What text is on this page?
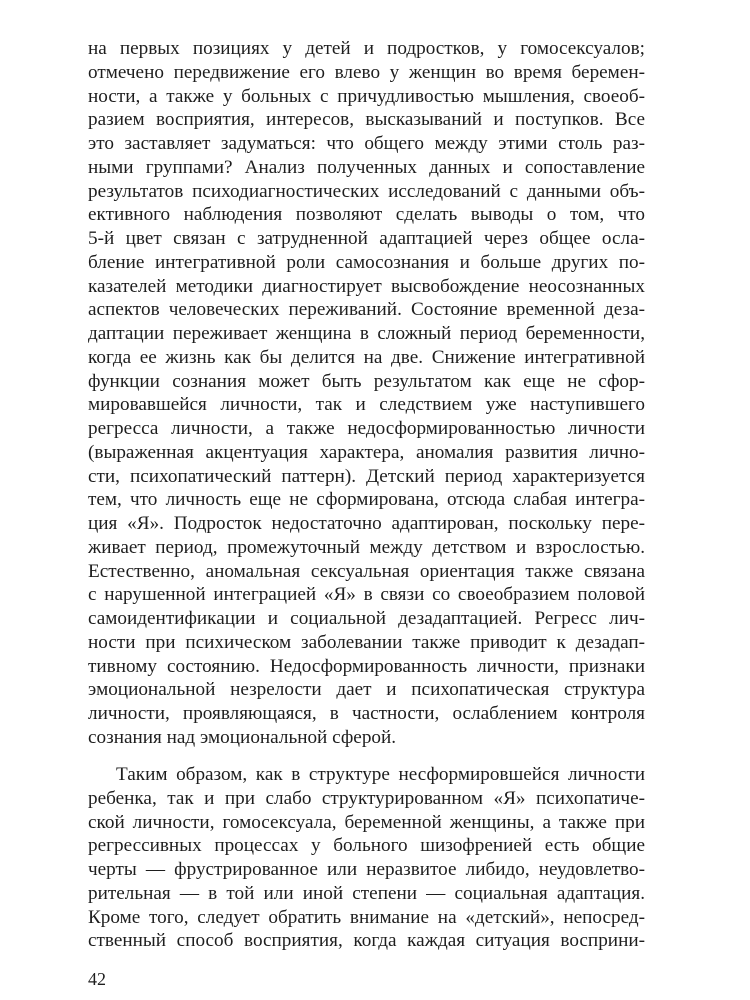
на первых позициях у детей и подростков, у гомосексуалов;
отмечено передвижение его влево у женщин во время беремен-
ности, а также у больных с причудливостью мышления, своеоб-
разием восприятия, интересов, высказываний и поступков. Все
это заставляет задуматься: что общего между этими столь раз-
ными группами? Анализ полученных данных и сопоставление
результатов психодиагностических исследований с данными объ-
ективного наблюдения позволяют сделать выводы о том, что
5-й цвет связан с затрудненной адаптацией через общее осла-
бление интегративной роли самосознания и больше других по-
казателей методики диагностирует высвобождение неосознанных
аспектов человеческих переживаний. Состояние временной деза-
даптации переживает женщина в сложный период беременности,
когда ее жизнь как бы делится на две. Снижение интегративной
функции сознания может быть результатом как еще не сфор-
мировавшейся личности, так и следствием уже наступившего
регресса личности, а также недосформированностью личности
(выраженная акцентуация характера, аномалия развития лично-
сти, психопатический паттерн). Детский период характеризуется
тем, что личность еще не сформирована, отсюда слабая интегра-
ция «Я». Подросток недостаточно адаптирован, поскольку пере-
живает период, промежуточный между детством и взрослостью.
Естественно, аномальная сексуальная ориентация также связана
с нарушенной интеграцией «Я» в связи со своеобразием половой
самоидентификации и социальной дезадаптацией. Регресс лич-
ности при психическом заболевании также приводит к дезадап-
тивному состоянию. Недосформированность личности, признаки
эмоциональной незрелости дает и психопатическая структура
личности, проявляющаяся, в частности, ослаблением контроля
сознания над эмоциональной сферой.
Таким образом, как в структуре несформировшейся личности
ребенка, так и при слабо структурированном «Я» психопатиче-
ской личности, гомосексуала, беременной женщины, а также при
регрессивных процессах у больного шизофренией есть общие
черты — фрустрированное или неразвитое либидо, неудовлетво-
рительная — в той или иной степени — социальная адаптация.
Кроме того, следует обратить внимание на «детский», непосред-
ственный способ восприятия, когда каждая ситуация восприни-
42
